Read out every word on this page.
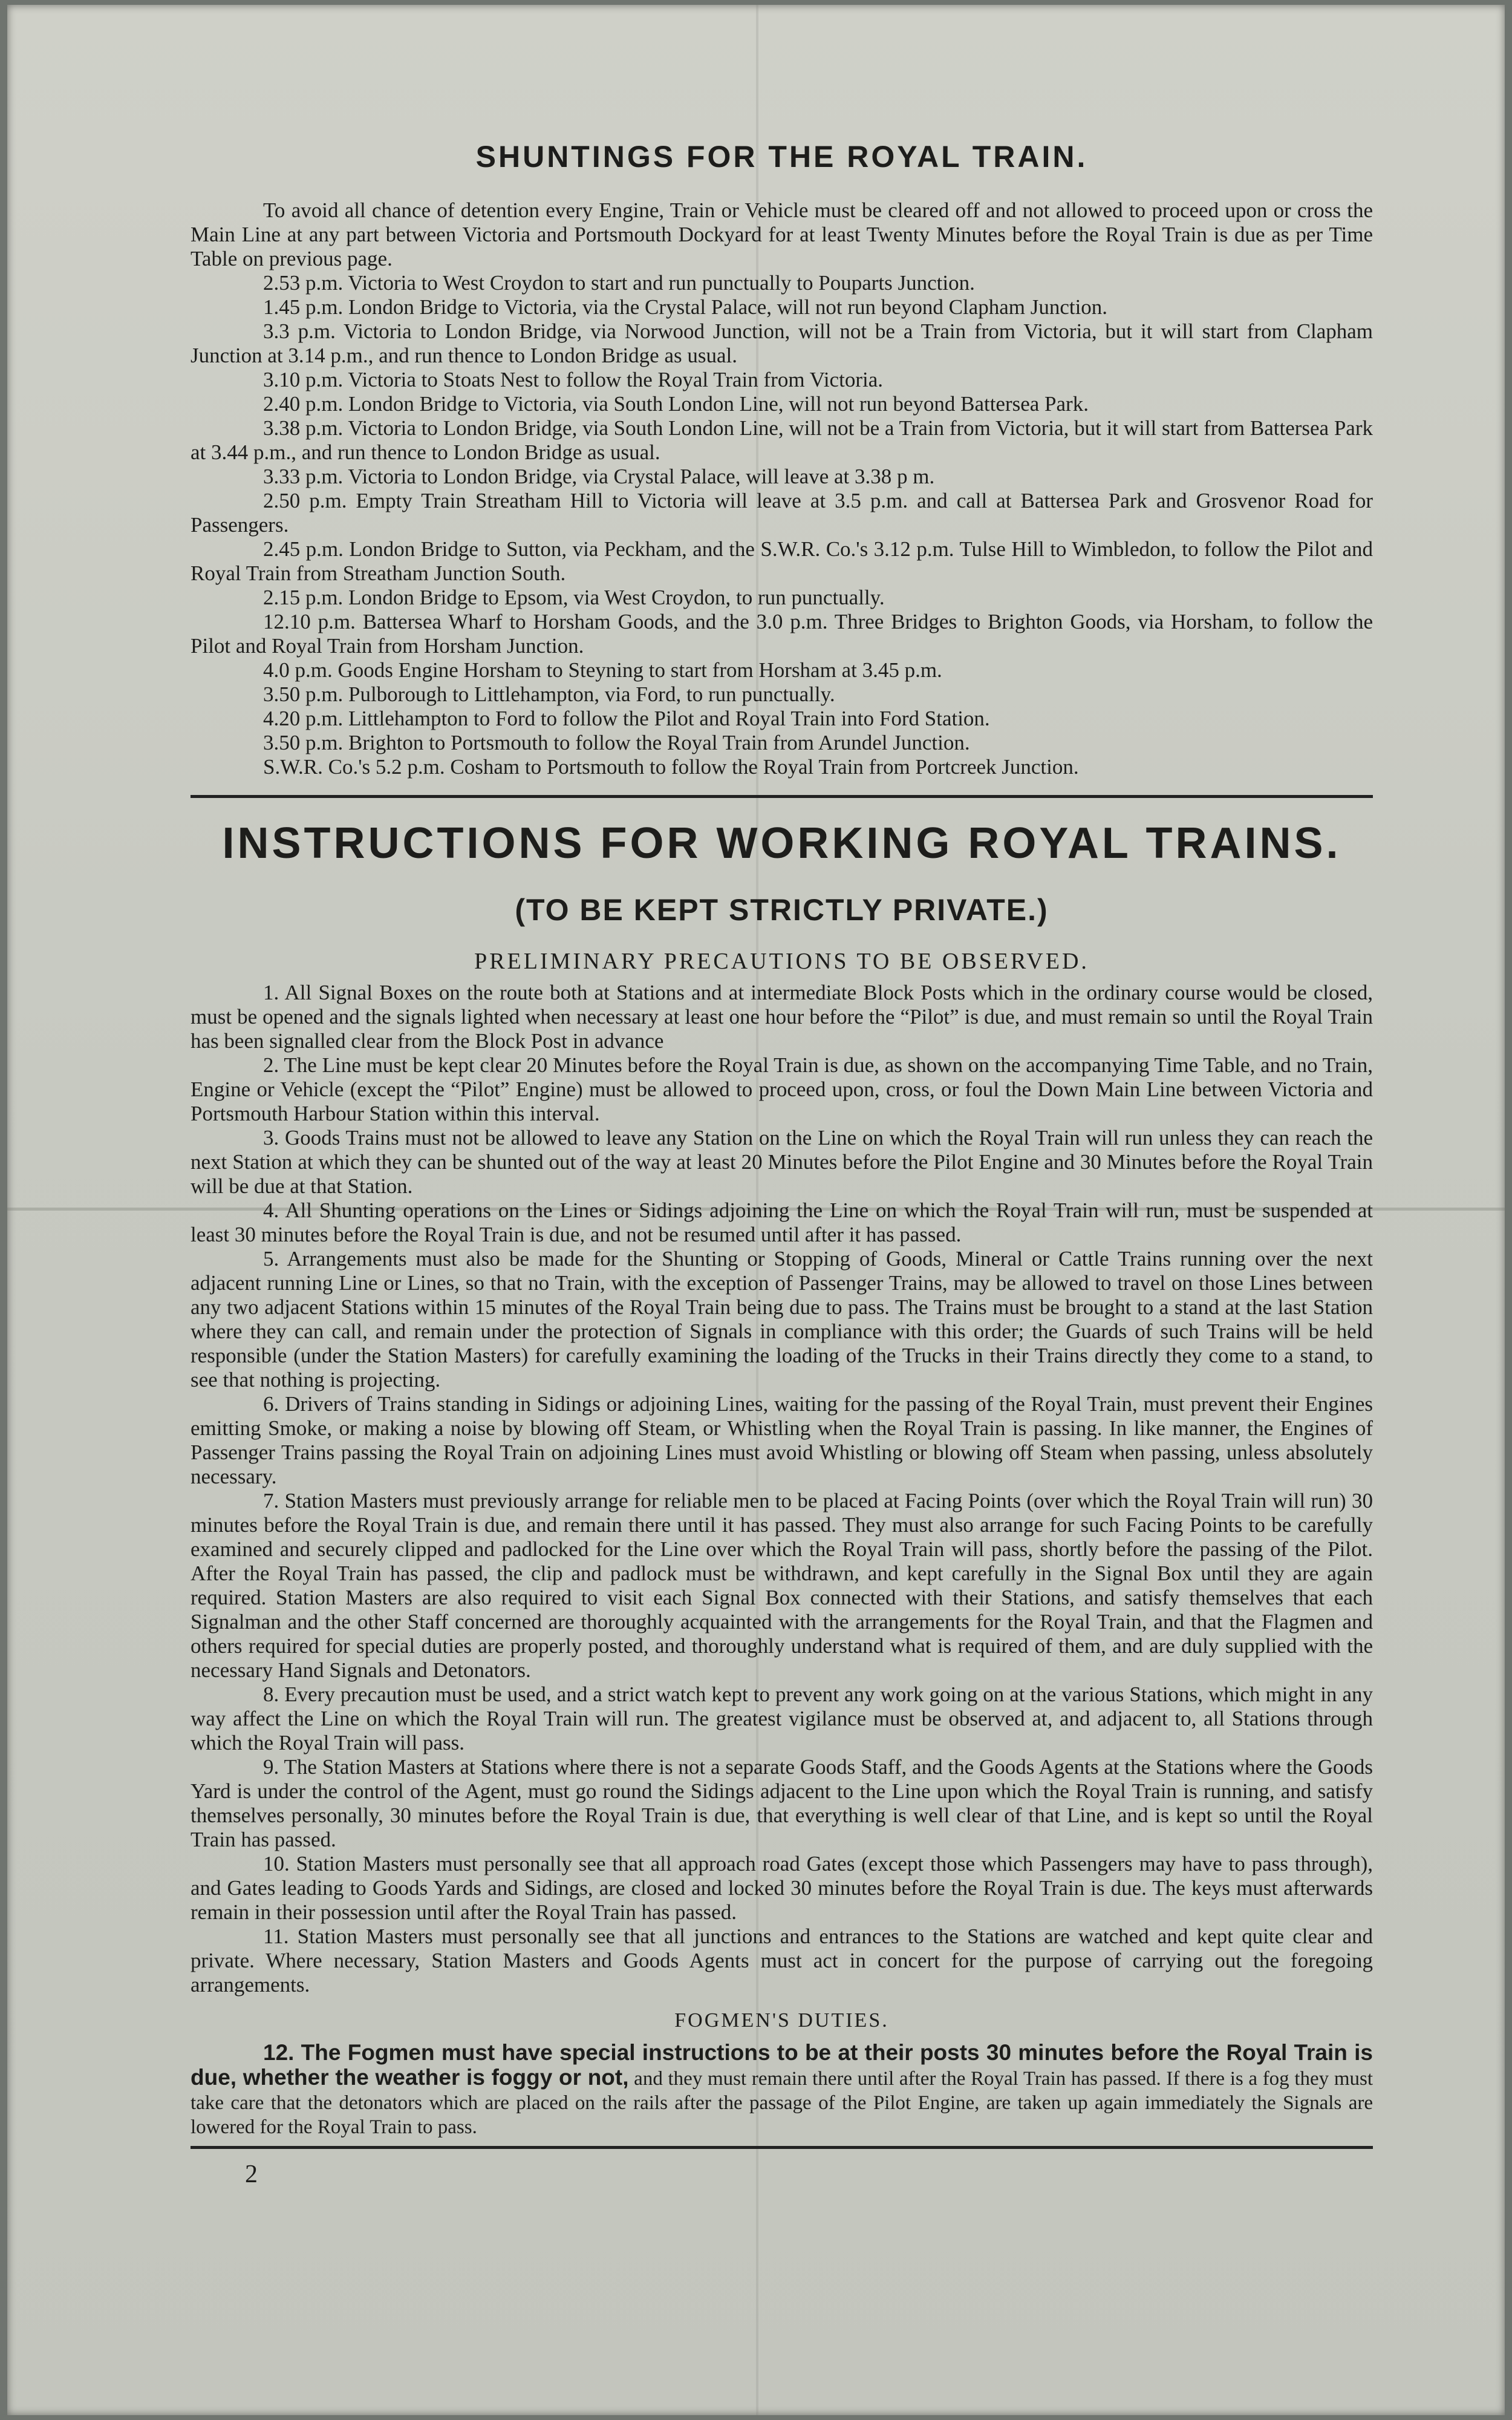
SHUNTINGS FOR THE ROYAL TRAIN.

To avoid all chance of detention every Engine, Train or Vehicle must be cleared off and not allowed to proceed upon or cross the Main Line at any part between Victoria and Portsmouth Dockyard for at least Twenty Minutes before the Royal Train is due as per Time Table on previous page.

2.53 p.m. Victoria to West Croydon to start and run punctually to Pouparts Junction.

1.45 p.m. London Bridge to Victoria, via the Crystal Palace, will not run beyond Clapham Junction.

3.3 p.m. Victoria to London Bridge, via Norwood Junction, will not be a Train from Victoria, but it will start from Clapham Junction at 3.14 p.m., and run thence to London Bridge as usual.

3.10 p.m. Victoria to Stoats Nest to follow the Royal Train from Victoria.

2.40 p.m. London Bridge to Victoria, via South London Line, will not run beyond Battersea Park.

3.38 p.m. Victoria to London Bridge, via South London Line, will not be a Train from Victoria, but it will start from Battersea Park at 3.44 p.m., and run thence to London Bridge as usual.

3.33 p.m. Victoria to London Bridge, via Crystal Palace, will leave at 3.38 p m.

2.50 p.m. Empty Train Streatham Hill to Victoria will leave at 3.5 p.m. and call at Battersea Park and Grosvenor Road for Passengers.

2.45 p.m. London Bridge to Sutton, via Peckham, and the S.W.R. Co.'s 3.12 p.m. Tulse Hill to Wimbledon, to follow the Pilot and Royal Train from Streatham Junction South.

2.15 p.m. London Bridge to Epsom, via West Croydon, to run punctually.

12.10 p.m. Battersea Wharf to Horsham Goods, and the 3.0 p.m. Three Bridges to Brighton Goods, via Horsham, to follow the Pilot and Royal Train from Horsham Junction.

4.0 p.m. Goods Engine Horsham to Steyning to start from Horsham at 3.45 p.m.

3.50 p.m. Pulborough to Littlehampton, via Ford, to run punctually.

4.20 p.m. Littlehampton to Ford to follow the Pilot and Royal Train into Ford Station.

3.50 p.m. Brighton to Portsmouth to follow the Royal Train from Arundel Junction.

S.W.R. Co.'s 5.2 p.m. Cosham to Portsmouth to follow the Royal Train from Portcreek Junction.

INSTRUCTIONS FOR WORKING ROYAL TRAINS.
(TO BE KEPT STRICTLY PRIVATE.)
PRELIMINARY PRECAUTIONS TO BE OBSERVED.

1. All Signal Boxes on the route both at Stations and at intermediate Block Posts which in the ordinary course would be closed, must be opened and the signals lighted when necessary at least one hour before the “Pilot” is due, and must remain so until the Royal Train has been signalled clear from the Block Post in advance

2. The Line must be kept clear 20 Minutes before the Royal Train is due, as shown on the accompanying Time Table, and no Train, Engine or Vehicle (except the “Pilot” Engine) must be allowed to proceed upon, cross, or foul the Down Main Line between Victoria and Portsmouth Harbour Station within this interval.

3. Goods Trains must not be allowed to leave any Station on the Line on which the Royal Train will run unless they can reach the next Station at which they can be shunted out of the way at least 20 Minutes before the Pilot Engine and 30 Minutes before the Royal Train will be due at that Station.

4. All Shunting operations on the Lines or Sidings adjoining the Line on which the Royal Train will run, must be suspended at least 30 minutes before the Royal Train is due, and not be resumed until after it has passed.

5. Arrangements must also be made for the Shunting or Stopping of Goods, Mineral or Cattle Trains running over the next adjacent running Line or Lines, so that no Train, with the exception of Passenger Trains, may be allowed to travel on those Lines between any two adjacent Stations within 15 minutes of the Royal Train being due to pass. The Trains must be brought to a stand at the last Station where they can call, and remain under the protection of Signals in compliance with this order; the Guards of such Trains will be held responsible (under the Station Masters) for carefully examining the loading of the Trucks in their Trains directly they come to a stand, to see that nothing is projecting.

6. Drivers of Trains standing in Sidings or adjoining Lines, waiting for the passing of the Royal Train, must prevent their Engines emitting Smoke, or making a noise by blowing off Steam, or Whistling when the Royal Train is passing. In like manner, the Engines of Passenger Trains passing the Royal Train on adjoining Lines must avoid Whistling or blowing off Steam when passing, unless absolutely necessary.

7. Station Masters must previously arrange for reliable men to be placed at Facing Points (over which the Royal Train will run) 30 minutes before the Royal Train is due, and remain there until it has passed. They must also arrange for such Facing Points to be carefully examined and securely clipped and padlocked for the Line over which the Royal Train will pass, shortly before the passing of the Pilot. After the Royal Train has passed, the clip and padlock must be withdrawn, and kept carefully in the Signal Box until they are again required. Station Masters are also required to visit each Signal Box connected with their Stations, and satisfy themselves that each Signalman and the other Staff concerned are thoroughly acquainted with the arrangements for the Royal Train, and that the Flagmen and others required for special duties are properly posted, and thoroughly understand what is required of them, and are duly supplied with the necessary Hand Signals and Detonators.

8. Every precaution must be used, and a strict watch kept to prevent any work going on at the various Stations, which might in any way affect the Line on which the Royal Train will run. The greatest vigilance must be observed at, and adjacent to, all Stations through which the Royal Train will pass.

9. The Station Masters at Stations where there is not a separate Goods Staff, and the Goods Agents at the Stations where the Goods Yard is under the control of the Agent, must go round the Sidings adjacent to the Line upon which the Royal Train is running, and satisfy themselves personally, 30 minutes before the Royal Train is due, that everything is well clear of that Line, and is kept so until the Royal Train has passed.

10. Station Masters must personally see that all approach road Gates (except those which Passengers may have to pass through), and Gates leading to Goods Yards and Sidings, are closed and locked 30 minutes before the Royal Train is due. The keys must afterwards remain in their possession until after the Royal Train has passed.

11. Station Masters must personally see that all junctions and entrances to the Stations are watched and kept quite clear and private. Where necessary, Station Masters and Goods Agents must act in concert for the purpose of carrying out the foregoing arrangements.

FOGMEN'S DUTIES.

12. The Fogmen must have special instructions to be at their posts 30 minutes before the Royal Train is due, whether the weather is foggy or not, and they must remain there until after the Royal Train has passed. If there is a fog they must take care that the detonators which are placed on the rails after the passage of the Pilot Engine, are taken up again immediately the Signals are lowered for the Royal Train to pass.

2
